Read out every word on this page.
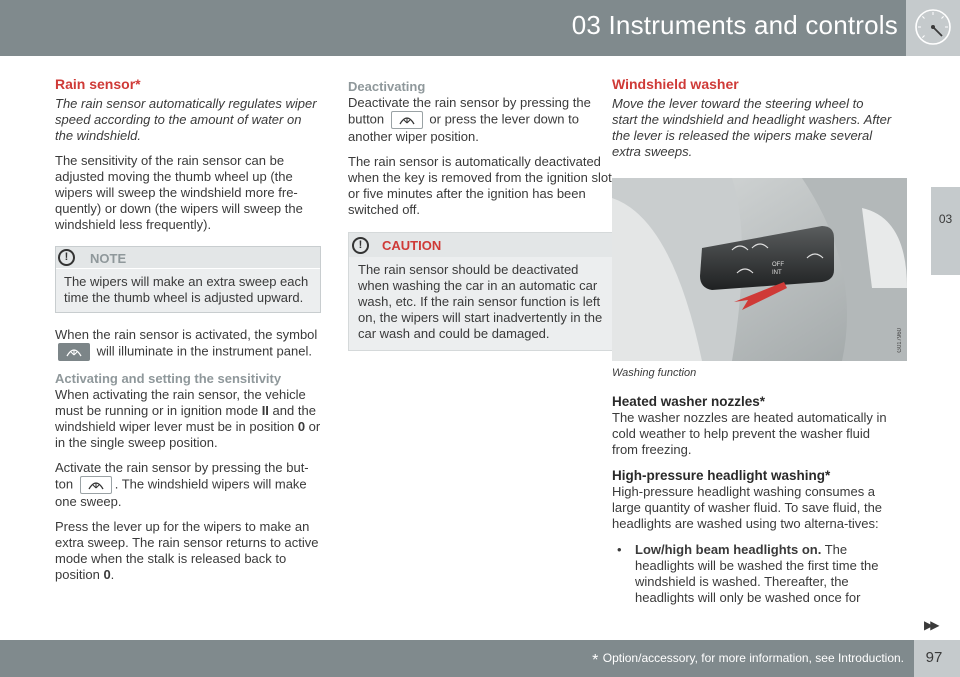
03 Instruments and controls
03
Rain sensor*
The rain sensor automatically regulates wiper speed according to the amount of water on the windshield.
The sensitivity of the rain sensor can be adjusted moving the thumb wheel up (the wipers will sweep the windshield more fre-quently) or down (the wipers will sweep the windshield less frequently).
!	NOTE
The wipers will make an extra sweep each time the thumb wheel is adjusted upward.
When the rain sensor is activated, the symbol

will illuminate in the instrument panel.
Activating and setting the sensitivity
When activating the rain sensor, the vehicle must be running or in ignition mode II and the windshield wiper lever must be in position 0 or in the single sweep position.
Activate the rain sensor by pressing the but-ton	. The windshield wipers will make one sweep.
Press the lever up for the wipers to make an extra sweep. The rain sensor returns to active mode when the stalk is released back to position 0.
Deactivating
Deactivate the rain sensor by pressing the button	or press the lever down to another wiper position.
The rain sensor is automatically deactivated when the key is removed from the ignition slot or five minutes after the ignition has been switched off.
!	CAUTION
The rain sensor should be deactivated when washing the car in an automatic car wash, etc. If the rain sensor function is left on, the wipers will start inadvertently in the car wash and could be damaged.
Windshield washer
Move the lever toward the steering wheel to start the windshield and headlight washers. After the lever is released the wipers make several extra sweeps.
OFF
INT
G017960
Washing function
Heated washer nozzles*
The washer nozzles are heated automatically in cold weather to help prevent the washer fluid from freezing.
High-pressure headlight washing*
High-pressure headlight washing consumes a large quantity of washer fluid. To save fluid, the headlights are washed using two alterna-tives:
• Low/high beam headlights on. The headlights will be washed the first time the windshield is washed. Thereafter, the headlights will only be washed once for
▶▶
* Option/accessory, for more information, see Introduction.	97
